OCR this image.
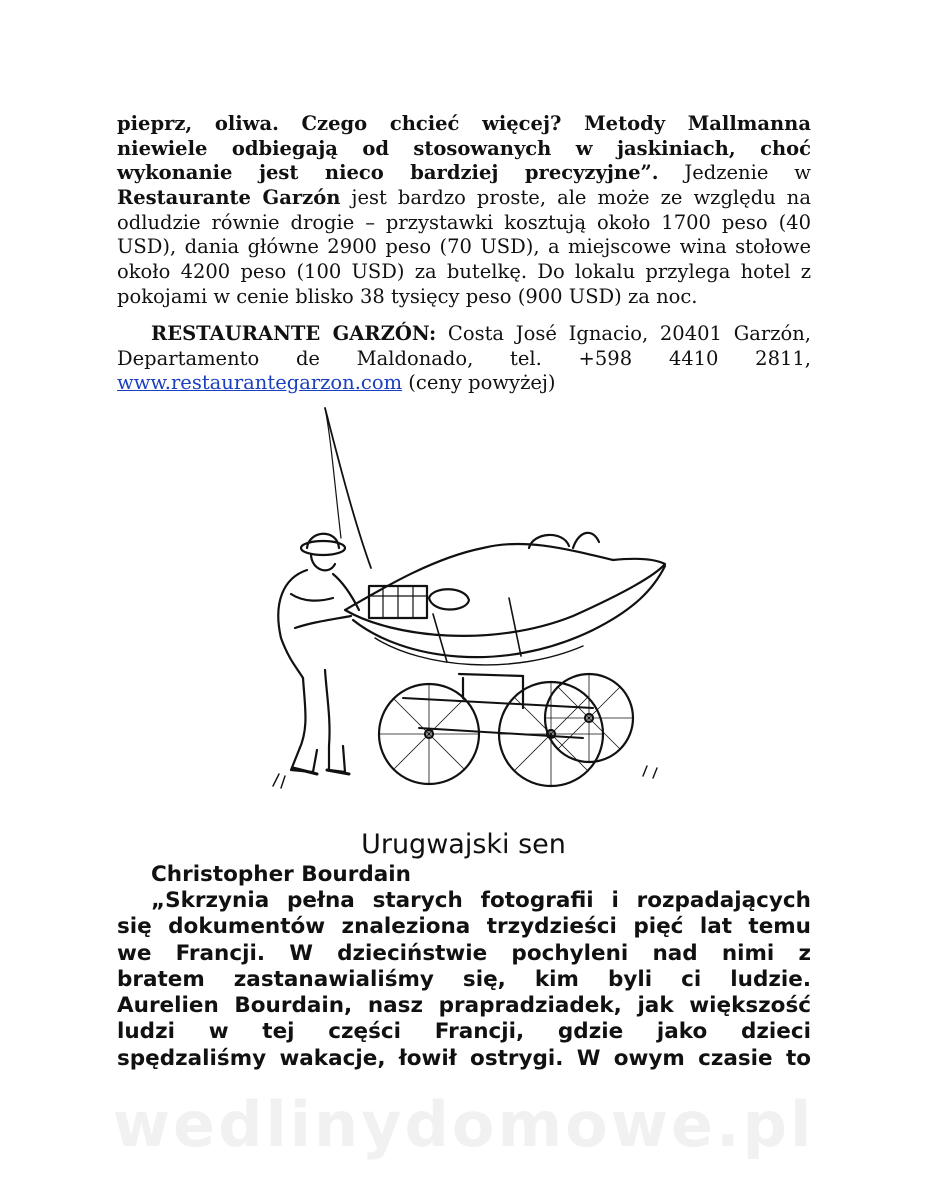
pieprz, oliwa. Czego chcieć więcej? Metody Mallmanna
niewiele odbiegają od stosowanych w jaskiniach, choć
wykonanie jest nieco bardziej precyzyjne”. Jedzenie w
Restaurante Garzón jest bardzo proste, ale może ze względu na
odludzie równie drogie – przystawki kosztują około 1700 peso (40
USD), dania główne 2900 peso (70 USD), a miejscowe wina stołowe
około 4200 peso (100 USD) za butelkę. Do lokalu przylega hotel z
pokojami w cenie blisko 38 tysięcy peso (900 USD) za noc.
RESTAURANTE GARZÓN: Costa José Ignacio, 20401 Garzón,
Departamento de Maldonado, tel. +598 4410 2811,
www.restaurantegarzon.com (ceny powyżej)
Urugwajski sen
Christopher Bourdain
„Skrzynia pełna starych fotografii i rozpadających
się dokumentów znaleziona trzydzieści pięć lat temu
we Francji. W dzieciństwie pochyleni nad nimi z
bratem zastanawialiśmy się, kim byli ci ludzie.
Aurelien Bourdain, nasz prapradziadek, jak większość
ludzi w tej części Francji, gdzie jako dzieci
spędzaliśmy wakacje, łowił ostrygi. W owym czasie to
wedlinydomowe.pl
